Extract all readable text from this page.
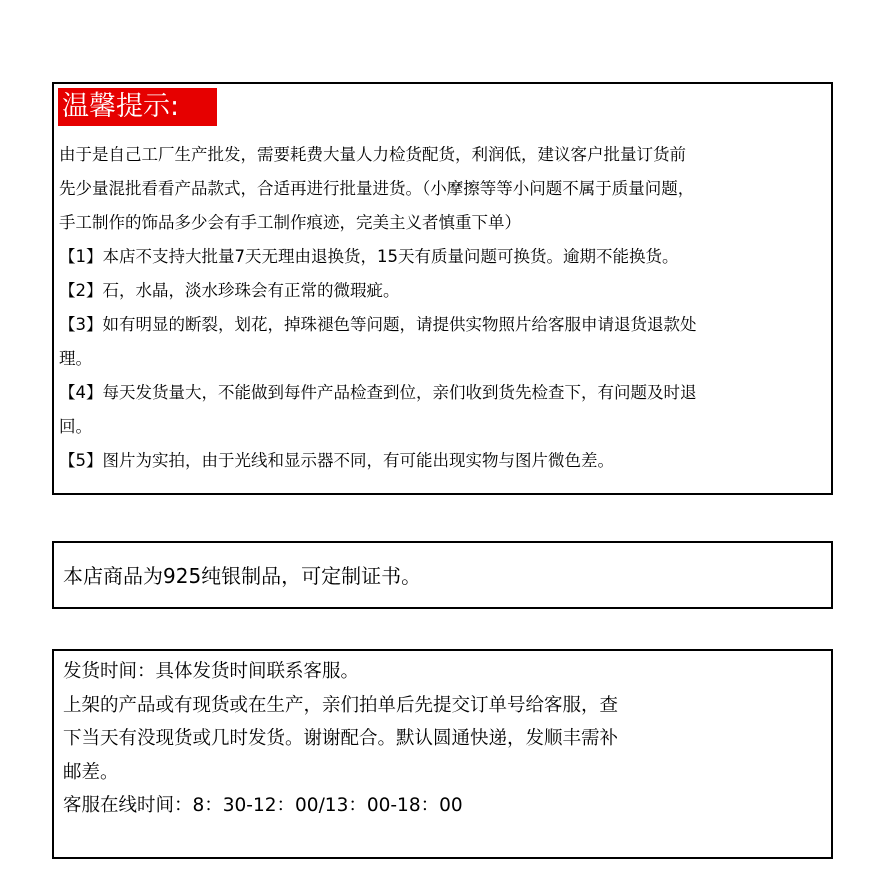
温馨提示:
由于是自己工厂生产批发，需要耗费大量人力检货配货，利润低，建议客户批量订货前
先少量混批看看产品款式，合适再进行批量进货。（小摩擦等等小问题不属于质量问题，
手工制作的饰品多少会有手工制作痕迹，完美主义者慎重下单）
【1】本店不支持大批量7天无理由退换货，15天有质量问题可换货。逾期不能换货。
【2】石，水晶，淡水珍珠会有正常的微瑕疵。
【3】如有明显的断裂，划花，掉珠褪色等问题，请提供实物照片给客服申请退货退款处
理。
【4】每天发货量大，不能做到每件产品检查到位，亲们收到货先检查下，有问题及时退
回。
【5】图片为实拍，由于光线和显示器不同，有可能出现实物与图片微色差。
本店商品为925纯银制品，可定制证书。
发货时间：具体发货时间联系客服。
上架的产品或有现货或在生产，亲们拍单后先提交订单号给客服，查
下当天有没现货或几时发货。谢谢配合。默认圆通快递，发顺丰需补
邮差。
客服在线时间：8：30-12：00/13：00-18：00
